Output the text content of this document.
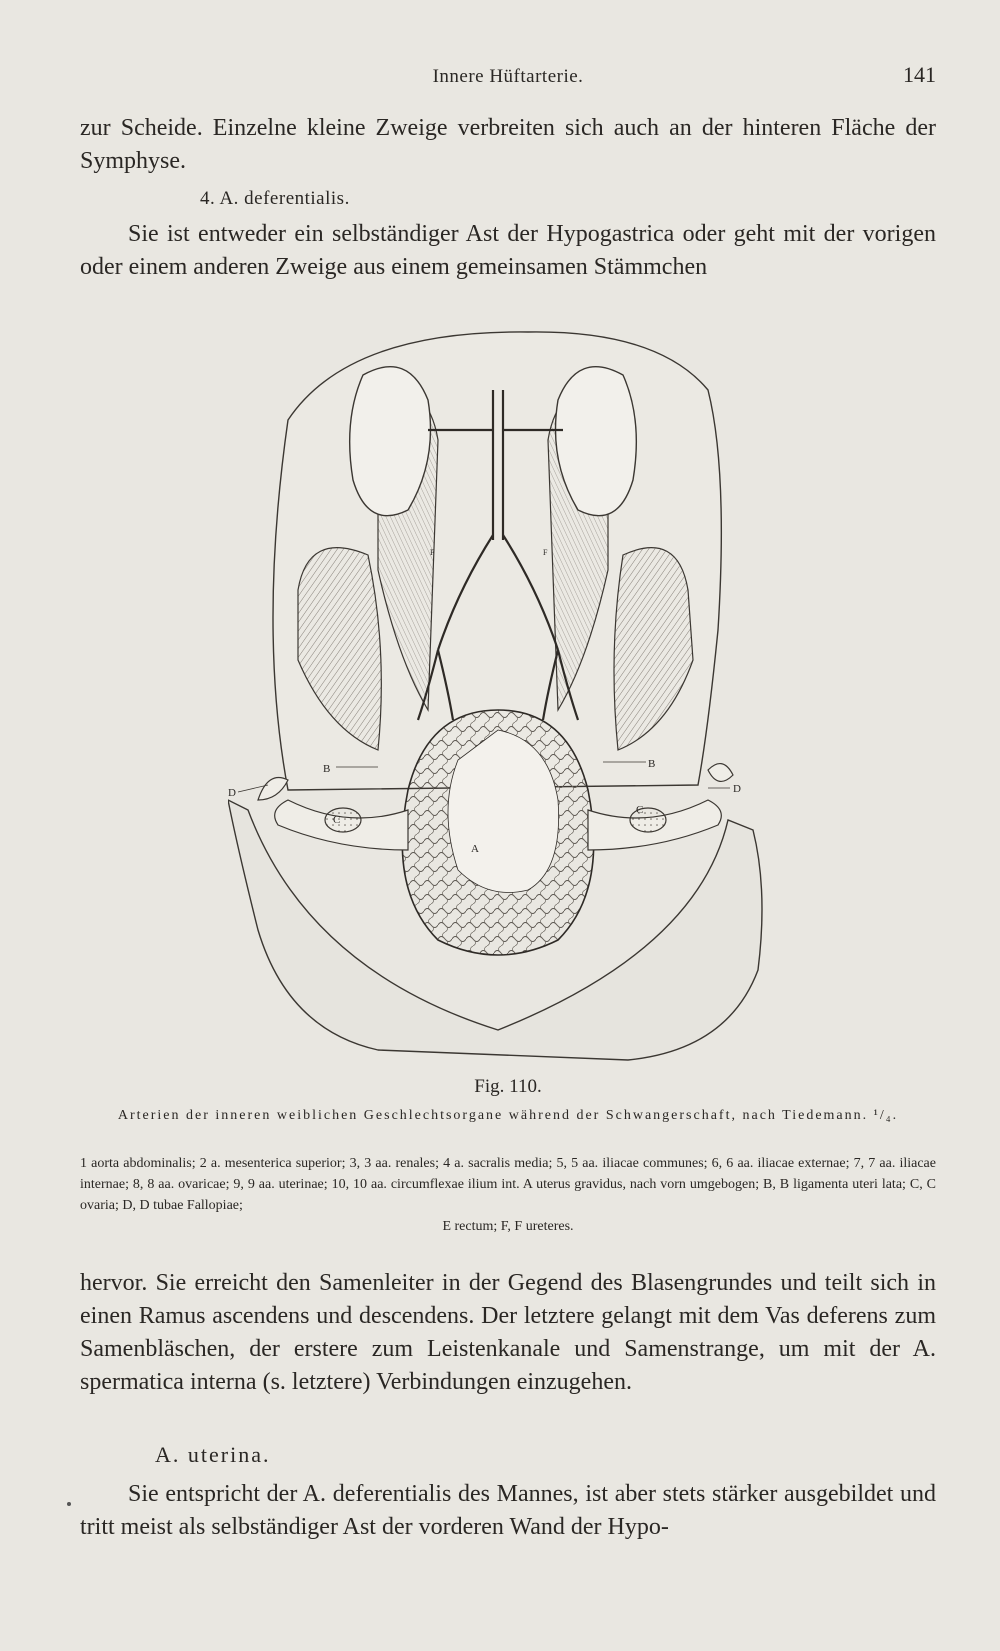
Innere Hüftarterie.	141

zur Scheide. Einzelne kleine Zweige verbreiten sich auch an der hinteren Fläche der Symphyse.

4. A. deferentialis.

Sie ist entweder ein selbständiger Ast der Hypogastrica oder geht mit der vorigen oder einem anderen Zweige aus einem gemeinsamen Stämmchen

B	B
D	D
C
C
A
F	F
Fig. 110.
Arterien der inneren weiblichen Geschlechtsorgane während der Schwangerschaft, nach Tiedemann. ¹/₄.

1 aorta abdominalis; 2 a. mesenterica superior; 3, 3 aa. renales; 4 a. sacralis media; 5, 5 aa. iliacae communes; 6, 6 aa. iliacae externae; 7, 7 aa. iliacae internae; 8, 8 aa. ovaricae; 9, 9 aa. uterinae; 10, 10 aa. circumflexae ilium int. A uterus gravidus, nach vorn umgebogen; B, B ligamenta uteri lata; C, C ovaria; D, D tubae Fallopiae;

E rectum; F, F ureteres.

hervor. Sie erreicht den Samenleiter in der Gegend des Blasengrundes und teilt sich in einen Ramus ascendens und descendens. Der letztere gelangt mit dem Vas deferens zum Samenbläschen, der erstere zum Leistenkanale und Samenstrange, um mit der A. spermatica interna (s. letztere) Verbindungen einzugehen.

A. uterina.

Sie entspricht der A. deferentialis des Mannes, ist aber stets stärker ausgebildet und tritt meist als selbständiger Ast der vorderen Wand der Hypo-
